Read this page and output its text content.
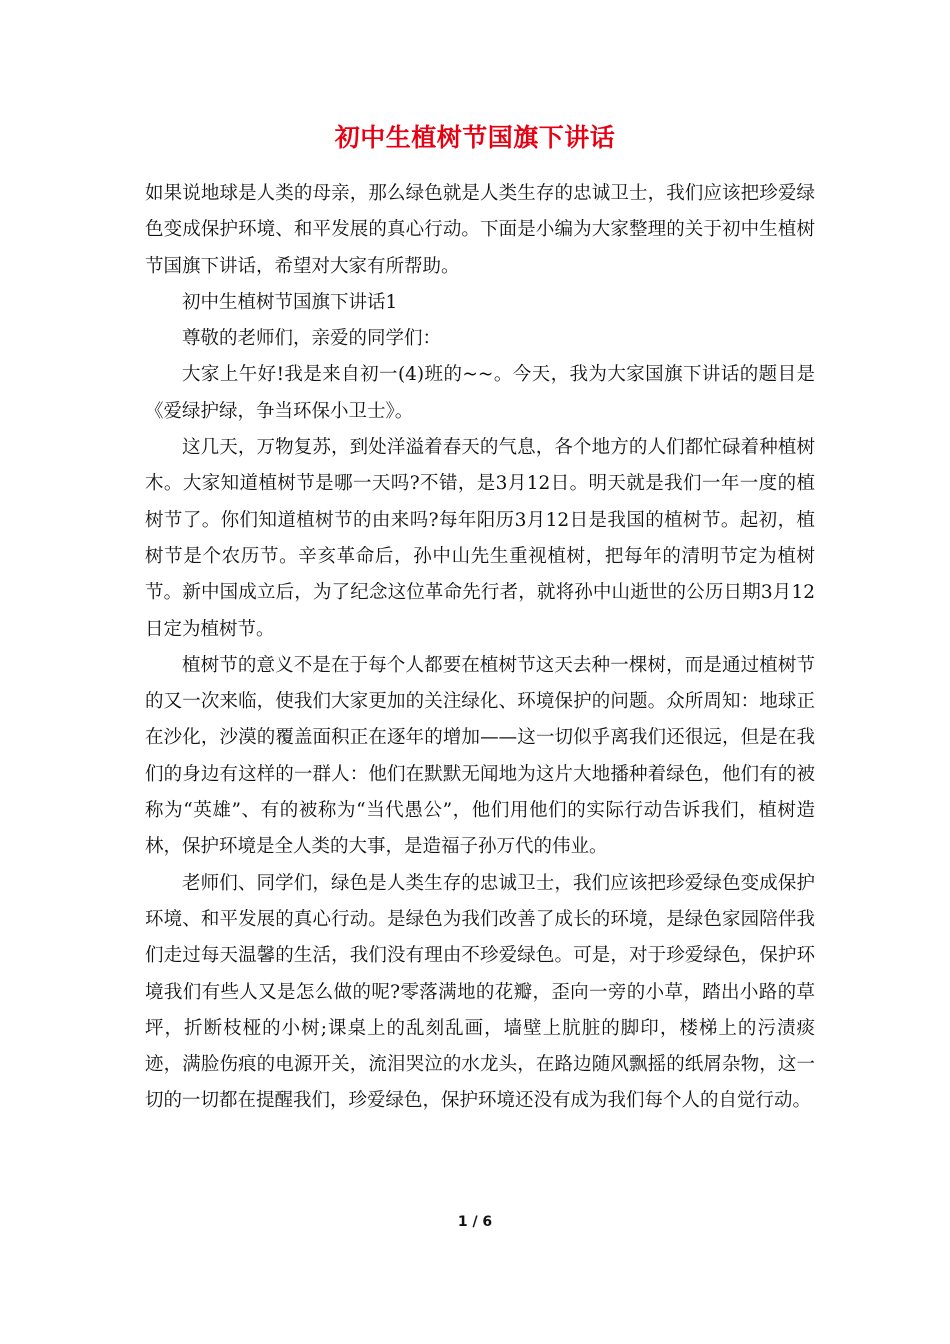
初中生植树节国旗下讲话

如果说地球是人类的母亲，那么绿色就是人类生存的忠诚卫士，我们应该把珍爱绿色变成保护环境、和平发展的真心行动。下面是小编为大家整理的关于初中生植树节国旗下讲话，希望对大家有所帮助。

初中生植树节国旗下讲话1

尊敬的老师们，亲爱的同学们：

大家上午好!我是来自初一(4)班的~~。今天，我为大家国旗下讲话的题目是《爱绿护绿，争当环保小卫士》。

这几天，万物复苏，到处洋溢着春天的气息，各个地方的人们都忙碌着种植树木。大家知道植树节是哪一天吗?不错，是3月12日。明天就是我们一年一度的植树节了。你们知道植树节的由来吗?每年阳历3月12日是我国的植树节。起初，植树节是个农历节。辛亥革命后，孙中山先生重视植树，把每年的清明节定为植树节。新中国成立后，为了纪念这位革命先行者，就将孙中山逝世的公历日期3月12日定为植树节。

植树节的意义不是在于每个人都要在植树节这天去种一棵树，而是通过植树节的又一次来临，使我们大家更加的关注绿化、环境保护的问题。众所周知：地球正在沙化，沙漠的覆盖面积正在逐年的增加——这一切似乎离我们还很远，但是在我们的身边有这样的一群人：他们在默默无闻地为这片大地播种着绿色，他们有的被称为“英雄”、有的被称为“当代愚公”，他们用他们的实际行动告诉我们，植树造林，保护环境是全人类的大事，是造福子孙万代的伟业。

老师们、同学们，绿色是人类生存的忠诚卫士，我们应该把珍爱绿色变成保护环境、和平发展的真心行动。是绿色为我们改善了成长的环境，是绿色家园陪伴我们走过每天温馨的生活，我们没有理由不珍爱绿色。可是，对于珍爱绿色，保护环境我们有些人又是怎么做的呢?零落满地的花瓣，歪向一旁的小草，踏出小路的草坪，折断枝桠的小树;课桌上的乱刻乱画，墙壁上肮脏的脚印，楼梯上的污渍痰迹，满脸伤痕的电源开关，流泪哭泣的水龙头，在路边随风飘摇的纸屑杂物，这一切的一切都在提醒我们，珍爱绿色，保护环境还没有成为我们每个人的自觉行动。

1 / 6
